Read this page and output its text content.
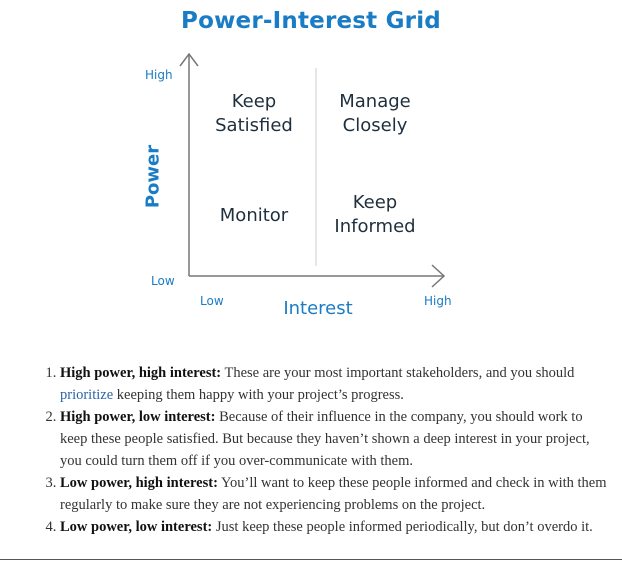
Power-Interest Grid
High
Low
Low	High
Interest
Power
Keep
Satisfied
Manage
Closely
Monitor
Keep
Informed
1. High power, high interest: These are your most important stakeholders, and you should prioritize keeping them happy with your project’s progress.
2. High power, low interest: Because of their influence in the company, you should work to keep these people satisfied. But because they haven’t shown a deep interest in your project, you could turn them off if you over-communicate with them.
3. Low power, high interest: You’ll want to keep these people informed and check in with them regularly to make sure they are not experiencing problems on the project.
4. Low power, low interest: Just keep these people informed periodically, but don’t overdo it.
